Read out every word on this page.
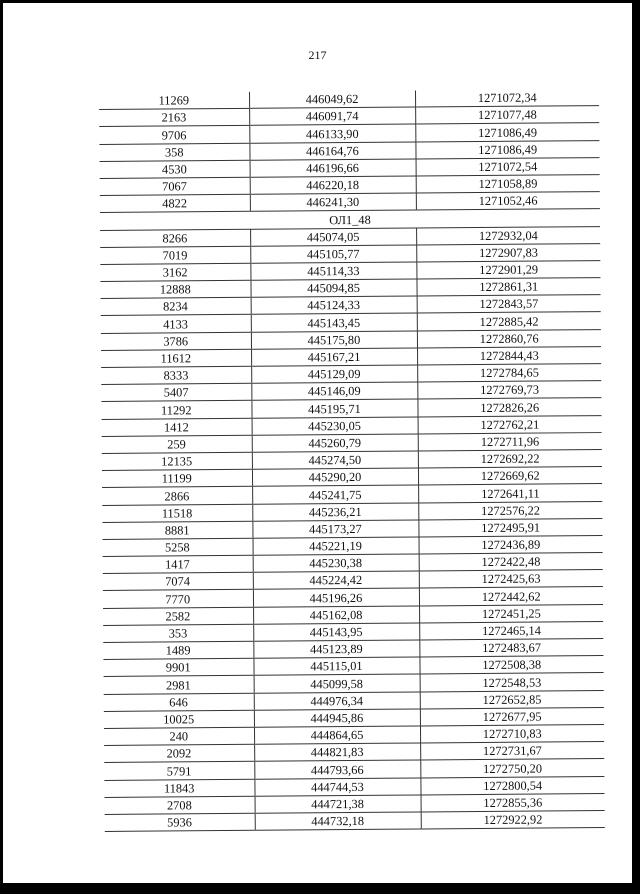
217
11269	446049,62	1271072,34
2163	446091,74	1271077,48
9706	446133,90	1271086,49
358	446164,76	1271086,49
4530	446196,66	1271072,54
7067	446220,18	1271058,89
4822	446241,30	1271052,46
ОЛ1_48		
8266	445074,05	1272932,04
7019	445105,77	1272907,83
3162	445114,33	1272901,29
12888	445094,85	1272861,31
8234	445124,33	1272843,57
4133	445143,45	1272885,42
3786	445175,80	1272860,76
11612	445167,21	1272844,43
8333	445129,09	1272784,65
5407	445146,09	1272769,73
11292	445195,71	1272826,26
1412	445230,05	1272762,21
259	445260,79	1272711,96
12135	445274,50	1272692,22
11199	445290,20	1272669,62
2866	445241,75	1272641,11
11518	445236,21	1272576,22
8881	445173,27	1272495,91
5258	445221,19	1272436,89
1417	445230,38	1272422,48
7074	445224,42	1272425,63
7770	445196,26	1272442,62
2582	445162,08	1272451,25
353	445143,95	1272465,14
1489	445123,89	1272483,67
9901	445115,01	1272508,38
2981	445099,58	1272548,53
646	444976,34	1272652,85
10025	444945,86	1272677,95
240	444864,65	1272710,83
2092	444821,83	1272731,67
5791	444793,66	1272750,20
11843	444744,53	1272800,54
2708	444721,38	1272855,36
5936	444732,18	1272922,92
